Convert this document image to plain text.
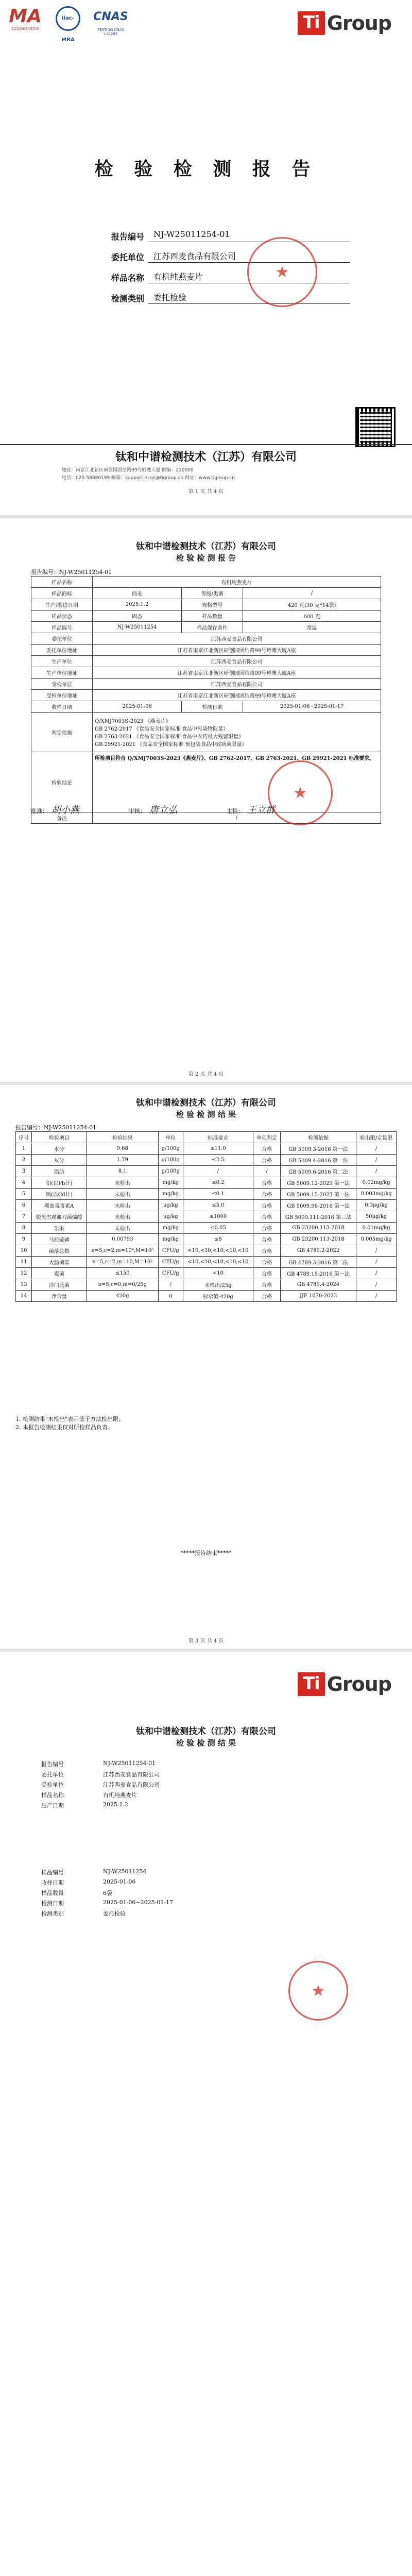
MA
221020340153
ilac-MRA
CNAS
TESTING CNAS L10283
Ti Group
检 验 检 测 报 告
报告编号	NJ-W25011254-01
委托单位	江苏西麦食品有限公司
样品名称	有机纯燕麦片
检测类别	委托检验
★
钛和中谱检测技术（江苏）有限公司
地址：南京江北新区研创园团结路99号孵鹰大厦 邮编：210000
电话：025-58880199 邮箱：support.ncqs@tigroup.cn 网址：www.tigroup.cn
第 1 页 共 4 页
钛和中谱检测技术（江苏）有限公司
检 验 检 测 报 告
报告编号：NJ-W25011254-01
样品名称	有机纯燕麦片		
样品商标	西麦	等级/类别	/
生产/购进日期	2025.1.2	规格型号	420 克(30 克*14袋)
样品状态	固态	样品数量	600 克
样品编号	NJ-W25011254	样品保存条件	常温
委托单位	江苏西麦食品有限公司		
委托单位地址	江苏省南京江北新区研创园团结路99号孵鹰大厦A座		
生产单位	江苏西麦食品有限公司		
生产单位地址	江苏省南京江北新区研创园团结路99号孵鹰大厦A座		
受检单位	江苏西麦食品有限公司		
受检单位地址	江苏省南京江北新区研创园团结路99号孵鹰大厦A座		
收样日期	2025-01-06	检测日期	2025-01-06~2025-01-17
判定依据	Q/XMJ7003S-2023 《燕麦片》
GB 2762-2017 《食品安全国家标准 食品中污染物限量》
GB 2763-2021 《食品安全国家标准 食品中农药最大残留限量》
GB 29921-2021 《食品安全国家标准 预包装食品中致病菌限量》		

检验结论	所检项目符合 Q/XMJ7003S-2023《燕麦片》、GB 2762-2017、GB 2763-2021、GB 29921-2021 标准要求。		
备注	/		
★
批准： 胡小燕	审核： 唐立弘	主检： 王立群
第 2 页 共 4 页
钛和中谱检测技术（江苏）有限公司
检 验 检 测 结 果
报告编号：NJ-W25011254-01
序号	检验项目	检验结果	单位	标准要求	单项判定	检测依据	检出限/定量限
1	水分	9.68	g/100g	≤11.0	合格	GB 5009.3-2016 第一法	/
2	灰分	1.79	g/100g	≤2.5	合格	GB 5009.4-2016 第一法	/
3	脂肪	8.1	g/100g	/	/	GB 5009.6-2016 第二法	/
4	铅(以Pb计)	未检出	mg/kg	≤0.2	合格	GB 5009.12-2023 第一法	0.02mg/kg
5	镉(以Cd计)	未检出	mg/kg	≤0.1	合格	GB 5009.15-2023 第一法	0.003mg/kg
6	赭曲霉毒素A	未检出	μg/kg	≤5.0	合格	GB 5009.96-2016 第一法	0.3μg/kg
7	脱氧雪腐镰刀菌烯醇	未检出	μg/kg	≤1000	合格	GB 5009.111-2016 第三法	50μg/kg
8	乐果	未检出	mg/kg	≤0.05	合格	GB 23200.113-2018	0.01mg/kg
9	马拉硫磷	0.00793	mg/kg	≤8	合格	GB 23200.113-2018	0.005mg/kg
10	菌落总数	n=5,c=2,m=10⁴,M=10⁵	CFU/g	<10,<10,<10,<10,<10	合格	GB 4789.2-2022	/
11	大肠菌群	n=5,c=2,m=10,M=10²	CFU/g	<10,<10,<10,<10,<10	合格	GB 4789.3-2016 第二法	/
12	霉菌	≤150	CFU/g	<10	合格	GB 4789.15-2016 第一法	/
13	沙门氏菌	n=5,c=0,m=0/25g	/	未检出/25g	合格	GB 4789.4-2024	/
14	净含量	420g	g	标示值:420g	合格	JJF 1070-2023	/
1. 检测结果"未检出"表示低于方法检出限；
2. 本报告检测结果仅对所检样品负责。
*****报告结束*****
第 3 页 共 4 页
Ti Group
钛和中谱检测技术（江苏）有限公司
检 验 检 测 结 果
报告编号	NJ-W25011254-01
委托单位	江苏西麦食品有限公司
受检单位	江苏西麦食品有限公司
样品名称	有机纯燕麦片
生产日期	2025.1.2
样品编号	NJ-W25011254
收样日期	2025-01-06
样品数量	6袋
检测日期	2025-01-06~2025-01-17
检测类别	委托检验
★
